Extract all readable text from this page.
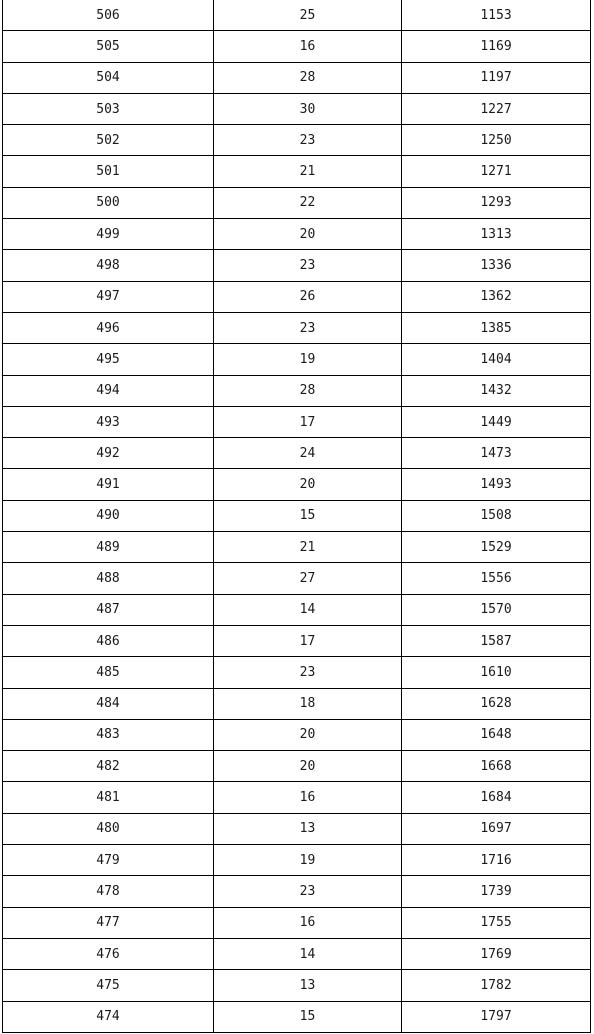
506	25	1153
505	16	1169
504	28	1197
503	30	1227
502	23	1250
501	21	1271
500	22	1293
499	20	1313
498	23	1336
497	26	1362
496	23	1385
495	19	1404
494	28	1432
493	17	1449
492	24	1473
491	20	1493
490	15	1508
489	21	1529
488	27	1556
487	14	1570
486	17	1587
485	23	1610
484	18	1628
483	20	1648
482	20	1668
481	16	1684
480	13	1697
479	19	1716
478	23	1739
477	16	1755
476	14	1769
475	13	1782
474	15	1797
